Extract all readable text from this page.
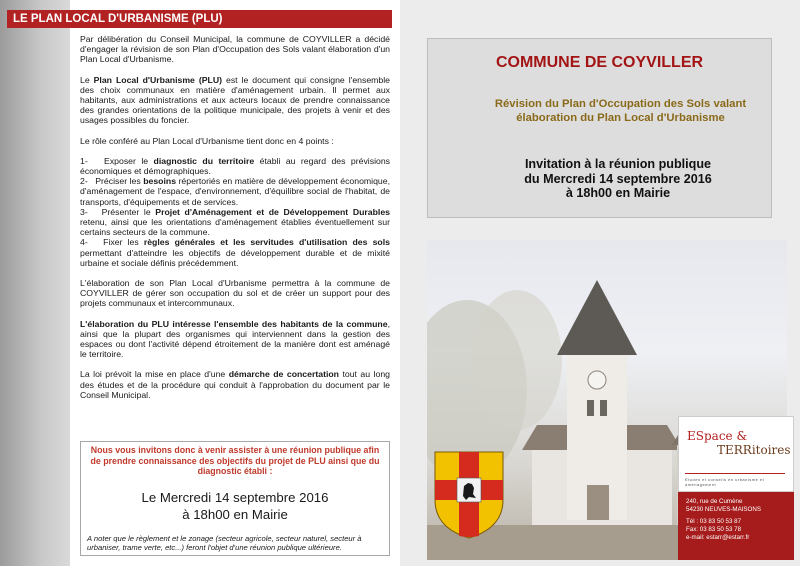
LE PLAN LOCAL D'URBANISME (PLU)

Par délibération du Conseil Municipal, la commune de COYVILLER a décidé d'engager la révision de son Plan d'Occupation des Sols valant élaboration d'un Plan Local d'Urbanisme.

Le Plan Local d'Urbanisme (PLU) est le document qui consigne l'ensemble des choix communaux en matière d'aménagement urbain. Il permet aux habitants, aux administrations et aux acteurs locaux de prendre connaissance des grandes orientations de la politique municipale, des projets à venir et des usages possibles du foncier.

Le rôle conféré au Plan Local d'Urbanisme tient donc en 4 points :

1- Exposer le diagnostic du territoire établi au regard des prévisions économiques et démographiques.
2- Préciser les besoins répertoriés en matière de développement économique, d'aménagement de l'espace, d'environnement, d'équilibre social de l'habitat, de transports, d'équipements et de services.
3- Présenter le Projet d'Aménagement et de Développement Durables retenu, ainsi que les orientations d'aménagement établies éventuellement sur certains secteurs de la commune.
4- Fixer les règles générales et les servitudes d'utilisation des sols permettant d'atteindre les objectifs de développement durable et de mixité urbaine et sociale définis précédemment.

L'élaboration de son Plan Local d'Urbanisme permettra à la commune de COYVILLER de gérer son occupation du sol et de créer un support pour des projets communaux et intercommunaux.

L'élaboration du PLU intéresse l'ensemble des habitants de la commune, ainsi que la plupart des organismes qui interviennent dans la gestion des espaces ou dont l'activité dépend étroitement de la manière dont est aménagé le territoire.

La loi prévoit la mise en place d'une démarche de concertation tout au long des études et de la procédure qui conduit à l'approbation du document par le Conseil Municipal.

Nous vous invitons donc à venir assister à une réunion publique afin de prendre connaissance des objectifs du projet de PLU ainsi que du diagnostic établi :
Le Mercredi 14 septembre 2016
à 18h00 en Mairie
A noter que le règlement et le zonage (secteur agricole, secteur naturel, secteur à urbaniser, trame verte, etc...) feront l'objet d'une réunion publique ultérieure.
COMMUNE DE COYVILLER
Révision du Plan d'Occupation des Sols valant
élaboration du Plan Local d'Urbanisme
Invitation à la réunion publique
du Mercredi 14 septembre 2016
à 18h00 en Mairie
ESpace &
TERRitoires
Études et conseils en urbanisme et aménagement
240, rue de Cumène
54230 NEUVES-MAISONS
Tél : 03 83 50 53 87
Fax: 03 83 50 53 78
e-mail: estarr@estarr.fr
